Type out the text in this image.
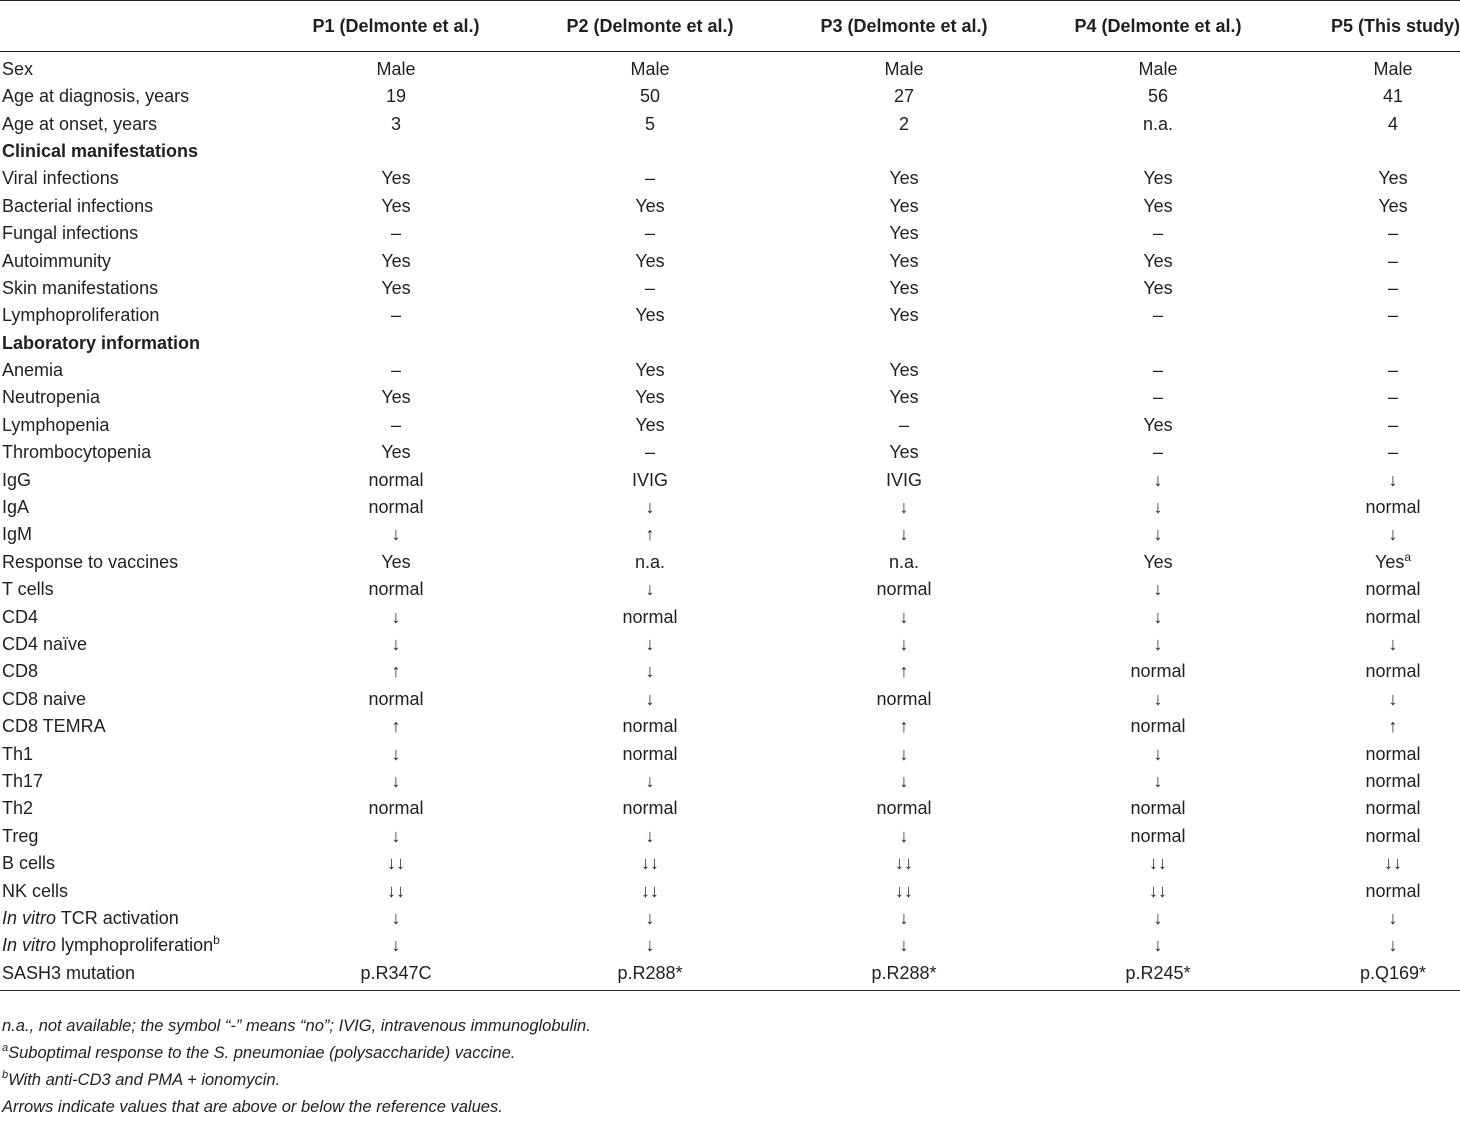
	P1 (Delmonte et al.)	P2 (Delmonte et al.)	P3 (Delmonte et al.)	P4 (Delmonte et al.)	P5 (This study)
Sex	Male	Male	Male	Male	Male
Age at diagnosis, years	19	50	27	56	41
Age at onset, years	3	5	2	n.a.	4
Clinical manifestations					
Viral infections	Yes	–	Yes	Yes	Yes
Bacterial infections	Yes	Yes	Yes	Yes	Yes
Fungal infections	–	–	Yes	–	–
Autoimmunity	Yes	Yes	Yes	Yes	–
Skin manifestations	Yes	–	Yes	Yes	–
Lymphoproliferation	–	Yes	Yes	–	–
Laboratory information					
Anemia	–	Yes	Yes	–	–
Neutropenia	Yes	Yes	Yes	–	–
Lymphopenia	–	Yes	–	Yes	–
Thrombocytopenia	Yes	–	Yes	–	–
IgG	normal	IVIG	IVIG	↓	↓
IgA	normal	↓	↓	↓	normal
IgM	↓	↑	↓	↓	↓
Response to vaccines	Yes	n.a.	n.a.	Yes	Yes$^a$
T cells	normal	↓	normal	↓	normal
CD4	↓	normal	↓	↓	normal
CD4 naïve	↓	↓	↓	↓	↓
CD8	↑	↓	↑	normal	normal
CD8 naive	normal	↓	normal	↓	↓
CD8 TEMRA	↑	normal	↑	normal	↑
Th1	↓	normal	↓	↓	normal
Th17	↓	↓	↓	↓	normal
Th2	normal	normal	normal	normal	normal
Treg	↓	↓	↓	normal	normal
B cells	↓↓	↓↓	↓↓	↓↓	↓↓
NK cells	↓↓	↓↓	↓↓	↓↓	normal
In vitro TCR activation	↓	↓	↓	↓	↓
In vitro lymphoproliferation$^b$	↓	↓	↓	↓	↓
SASH3 mutation	p.R347C	p.R288*	p.R288*	p.R245*	p.Q169*
n.a., not available; the symbol “-” means “no”; IVIG, intravenous immunoglobulin.
$^a$Suboptimal response to the S. pneumoniae (polysaccharide) vaccine.
$^b$With anti-CD3 and PMA + ionomycin.
Arrows indicate values that are above or below the reference values.
